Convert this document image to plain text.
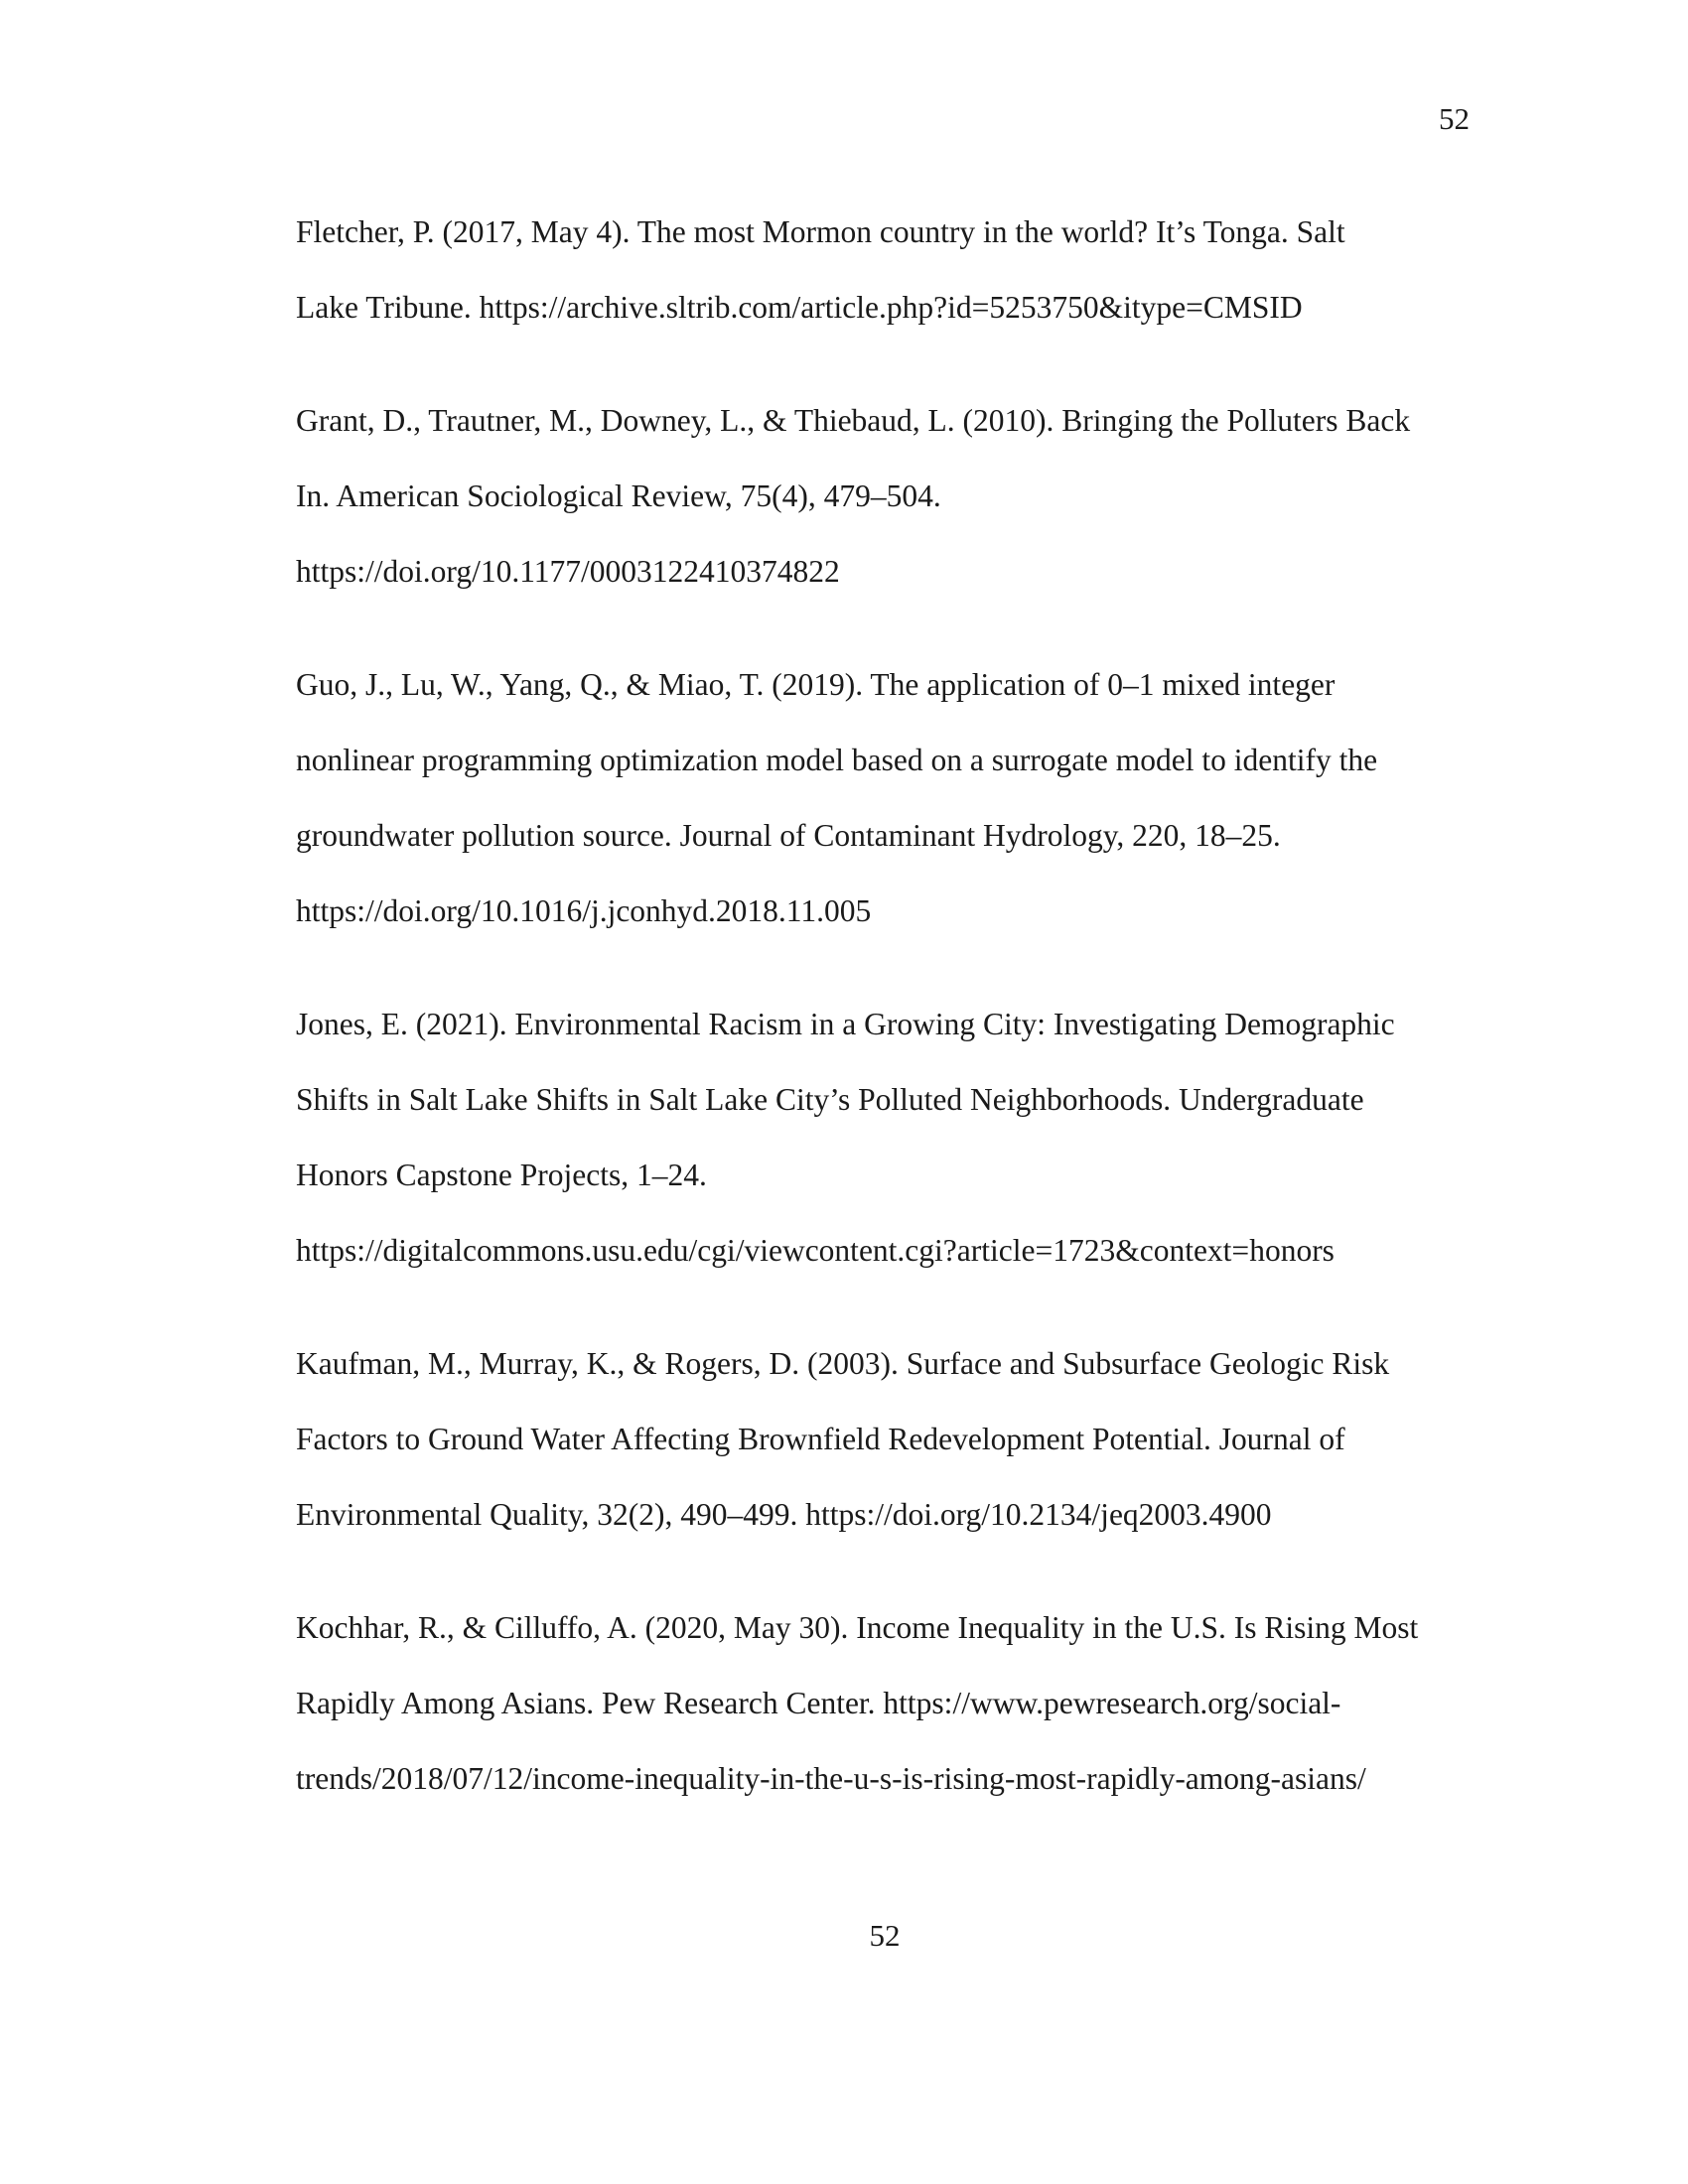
52
Fletcher, P. (2017, May 4). The most Mormon country in the world? It’s Tonga. Salt
Lake Tribune. https://archive.sltrib.com/article.php?id=5253750&itype=CMSID
Grant, D., Trautner, M., Downey, L., & Thiebaud, L. (2010). Bringing the Polluters Back
In. American Sociological Review, 75(4), 479–504.
https://doi.org/10.1177/0003122410374822
Guo, J., Lu, W., Yang, Q., & Miao, T. (2019). The application of 0–1 mixed integer
nonlinear programming optimization model based on a surrogate model to identify the
groundwater pollution source. Journal of Contaminant Hydrology, 220, 18–25.
https://doi.org/10.1016/j.jconhyd.2018.11.005
Jones, E. (2021). Environmental Racism in a Growing City: Investigating Demographic
Shifts in Salt Lake Shifts in Salt Lake City’s Polluted Neighborhoods. Undergraduate
Honors Capstone Projects, 1–24.
https://digitalcommons.usu.edu/cgi/viewcontent.cgi?article=1723&context=honors
Kaufman, M., Murray, K., & Rogers, D. (2003). Surface and Subsurface Geologic Risk
Factors to Ground Water Affecting Brownfield Redevelopment Potential. Journal of
Environmental Quality, 32(2), 490–499. https://doi.org/10.2134/jeq2003.4900
Kochhar, R., & Cilluffo, A. (2020, May 30). Income Inequality in the U.S. Is Rising Most
Rapidly Among Asians. Pew Research Center. https://www.pewresearch.org/social-
trends/2018/07/12/income-inequality-in-the-u-s-is-rising-most-rapidly-among-asians/
52
